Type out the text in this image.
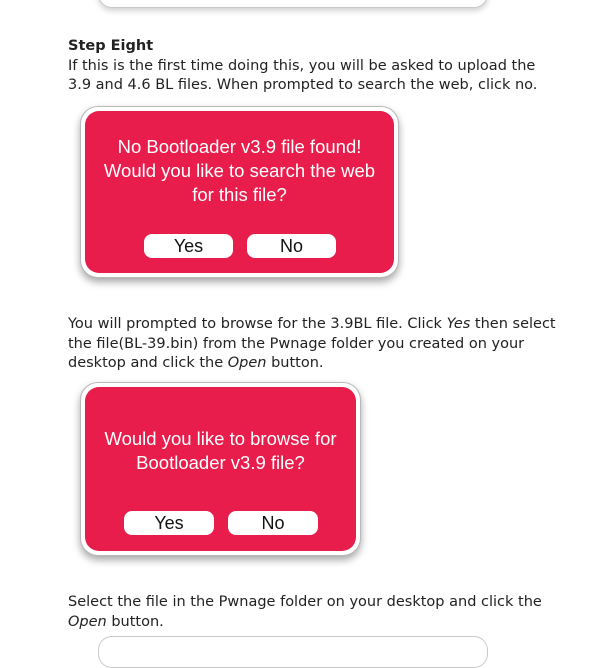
Step Eight
If this is the first time doing this, you will be asked to upload the
3.9 and 4.6 BL files. When prompted to search the web, click no.
No Bootloader v3.9 file found!
Would you like to search the web
for this file?
Yes	No
You will prompted to browse for the 3.9BL file. Click Yes then select
the file(BL-39.bin) from the Pwnage folder you created on your
desktop and click the Open button.
Would you like to browse for
Bootloader v3.9 file?
Yes	No
Select the file in the Pwnage folder on your desktop and click the
Open button.
